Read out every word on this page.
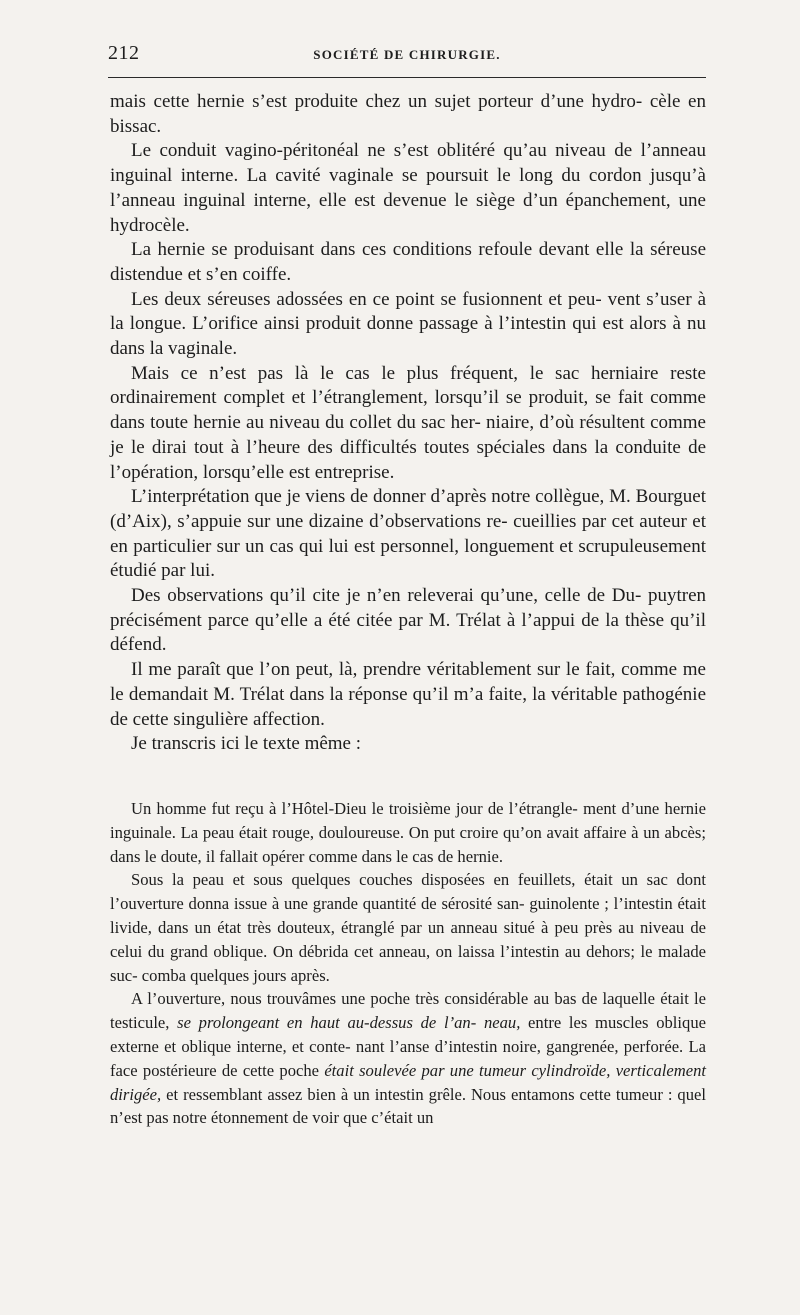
212	SOCIÉTÉ DE CHIRURGIE.

mais cette hernie s’est produite chez un sujet porteur d’une hydro- cèle en bissac.

Le conduit vagino-péritonéal ne s’est oblitéré qu’au niveau de l’anneau inguinal interne. La cavité vaginale se poursuit le long du cordon jusqu’à l’anneau inguinal interne, elle est devenue le siège d’un épanchement, une hydrocèle.

La hernie se produisant dans ces conditions refoule devant elle la séreuse distendue et s’en coiffe.

Les deux séreuses adossées en ce point se fusionnent et peu- vent s’user à la longue. L’orifice ainsi produit donne passage à l’intestin qui est alors à nu dans la vaginale.

Mais ce n’est pas là le cas le plus fréquent, le sac herniaire reste ordinairement complet et l’étranglement, lorsqu’il se produit, se fait comme dans toute hernie au niveau du collet du sac her- niaire, d’où résultent comme je le dirai tout à l’heure des difficultés toutes spéciales dans la conduite de l’opération, lorsqu’elle est entreprise.

L’interprétation que je viens de donner d’après notre collègue, M. Bourguet (d’Aix), s’appuie sur une dizaine d’observations re- cueillies par cet auteur et en particulier sur un cas qui lui est personnel, longuement et scrupuleusement étudié par lui.

Des observations qu’il cite je n’en releverai qu’une, celle de Du- puytren précisément parce qu’elle a été citée par M. Trélat à l’appui de la thèse qu’il défend.

Il me paraît que l’on peut, là, prendre véritablement sur le fait, comme me le demandait M. Trélat dans la réponse qu’il m’a faite, la véritable pathogénie de cette singulière affection.

Je transcris ici le texte même :

Un homme fut reçu à l’Hôtel-Dieu le troisième jour de l’étrangle- ment d’une hernie inguinale. La peau était rouge, douloureuse. On put croire qu’on avait affaire à un abcès; dans le doute, il fallait opérer comme dans le cas de hernie.

Sous la peau et sous quelques couches disposées en feuillets, était un sac dont l’ouverture donna issue à une grande quantité de sérosité san- guinolente ; l’intestin était livide, dans un état très douteux, étranglé par un anneau situé à peu près au niveau de celui du grand oblique. On débrida cet anneau, on laissa l’intestin au dehors; le malade suc- comba quelques jours après.

A l’ouverture, nous trouvâmes une poche très considérable au bas de laquelle était le testicule, se prolongeant en haut au-dessus de l’an- neau, entre les muscles oblique externe et oblique interne, et conte- nant l’anse d’intestin noire, gangrenée, perforée. La face postérieure de cette poche était soulevée par une tumeur cylindroïde, verticalement dirigée, et ressemblant assez bien à un intestin grêle. Nous entamons cette tumeur : quel n’est pas notre étonnement de voir que c’était un
